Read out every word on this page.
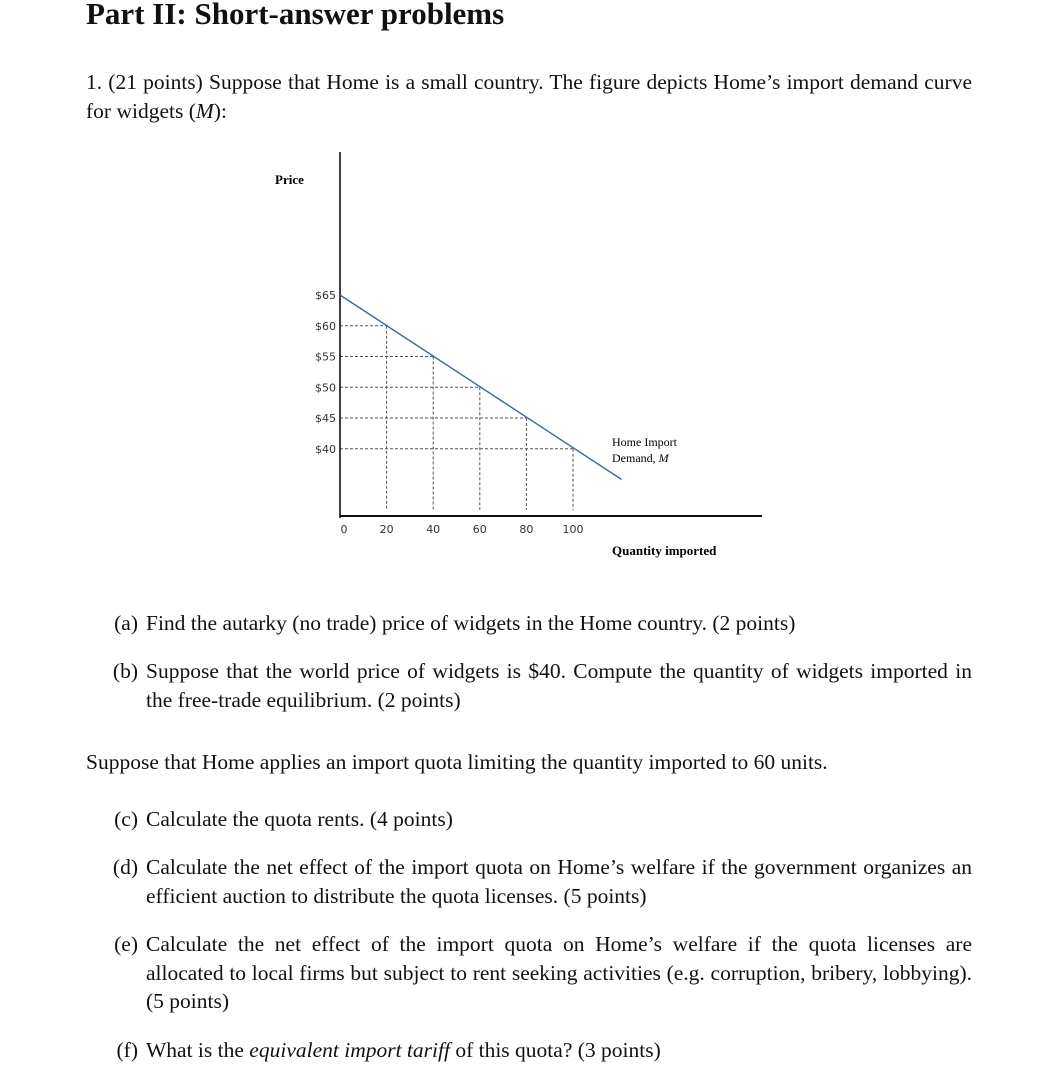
Part II: Short-answer problems

1. (21 points) Suppose that Home is a small country. The figure depicts Home’s import demand curve for widgets (M):

$65
$60
$55
$50
$45
$40
0	20	40	60	80	100
Price
Quantity imported
Home Import
Demand, M

(a) Find the autarky (no trade) price of widgets in the Home country. (2 points)

(b) Suppose that the world price of widgets is $40. Compute the quantity of widgets imported in the free-trade equilibrium. (2 points)

Suppose that Home applies an import quota limiting the quantity imported to 60 units.

(c) Calculate the quota rents. (4 points)

(d) Calculate the net effect of the import quota on Home’s welfare if the government organizes an efficient auction to distribute the quota licenses. (5 points)

(e) Calculate the net effect of the import quota on Home’s welfare if the quota licenses are allocated to local firms but subject to rent seeking activities (e.g. corruption, bribery, lobbying). (5 points)

(f) What is the equivalent import tariff of this quota? (3 points)
